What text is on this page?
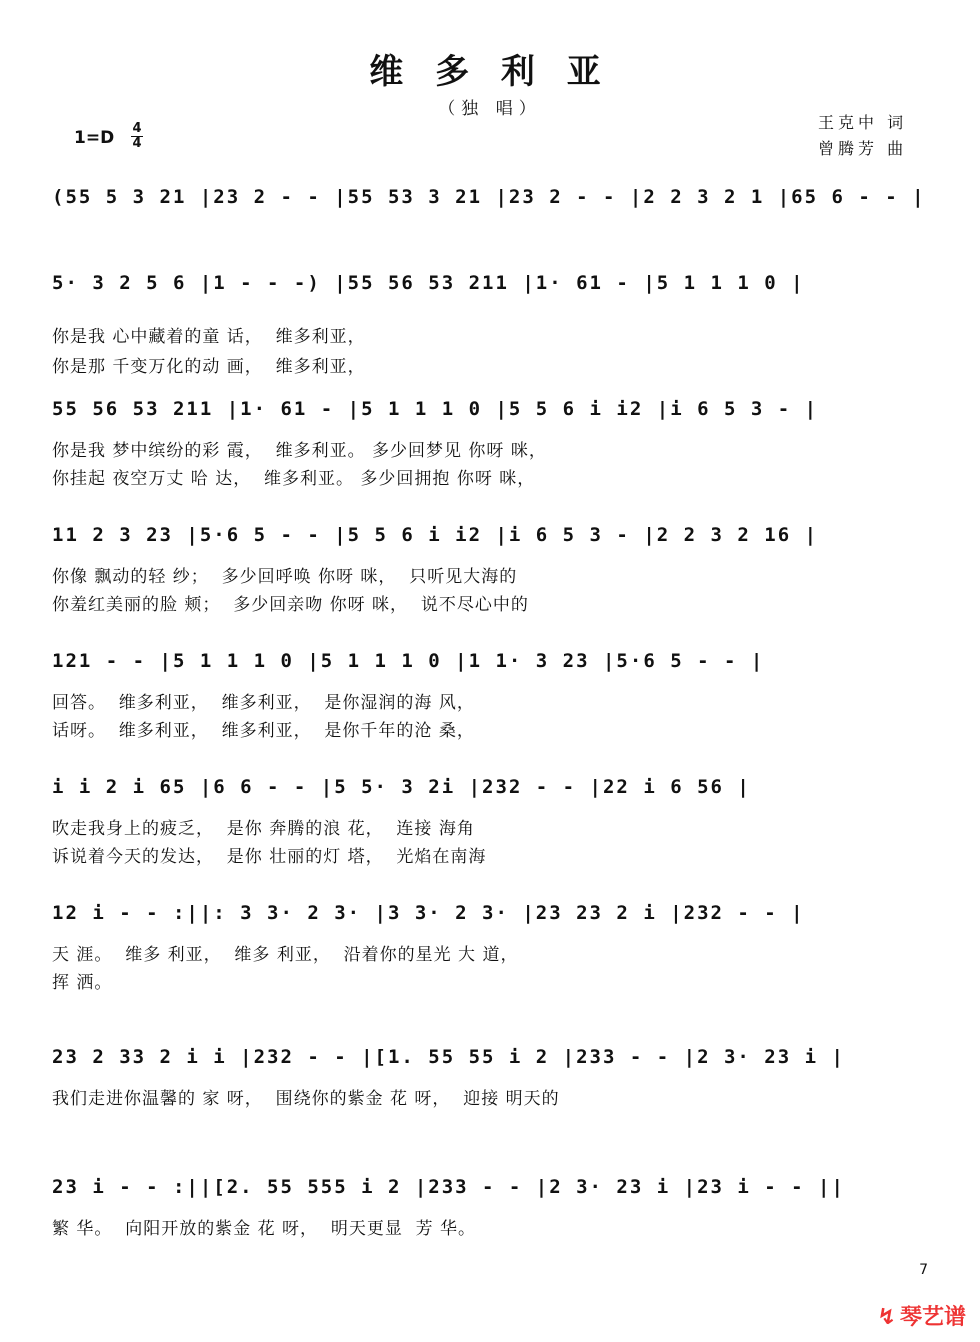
维 多 利 亚
（独 唱）
1=D 4
4
王克中 词
曾腾芳 曲
(55 5 3 21 |23 2 - - |55 53 3 21 |23 2 - - |2 2 3 2 1 |65 6 - - |
5· 3 2 5 6 |1 - - -) |55 56 53 211 |1· 61 - |5 1 1 1 0 |
你是我 心中藏着的童 话，  维多利亚，
你是那 千变万化的动 画，  维多利亚，
55 56 53 211 |1· 61 - |5 1 1 1 0 |5 5 6 i i2 |i 6 5 3 - |
你是我 梦中缤纷的彩 霞，  维多利亚。 多少回梦见 你呀 咪，
你挂起 夜空万丈 哈 达，  维多利亚。 多少回拥抱 你呀 咪，
11 2 3 23 |5·6 5 - - |5 5 6 i i2 |i 6 5 3 - |2 2 3 2 16 |
你像 飘动的轻 纱；  多少回呼唤 你呀 咪，  只听见大海的
你羞红美丽的脸 颊；  多少回亲吻 你呀 咪，  说不尽心中的
121 - - |5 1 1 1 0 |5 1 1 1 0 |1 1· 3 23 |5·6 5 - - |
回答。  维多利亚，  维多利亚，  是你湿润的海 风，
话呀。  维多利亚，  维多利亚，  是你千年的沧 桑，
i i 2 i 65 |6 6 - - |5 5· 3 2i |232 - - |22 i 6 56 |
吹走我身上的疲乏，  是你 奔腾的浪 花，  连接 海角
诉说着今天的发达，  是你 壮丽的灯 塔，  光焰在南海
12 i - - :||: 3 3· 2 3· |3 3· 2 3· |23 23 2 i |232 - - |
天 涯。  维多 利亚，  维多 利亚，  沿着你的星光 大 道，
挥 洒。
23 2 33 2 i i |232 - - |[1. 55 55 i 2 |233 - - |2 3· 23 i |
我们走进你温馨的 家 呀，  围绕你的紫金 花 呀，  迎接 明天的
23 i - - :||[2. 55 555 i 2 |233 - - |2 3· 23 i |23 i - - ||
繁 华。  向阳开放的紫金 花 呀，  明天更显  芳 华。
7
↯ 琴艺谱
